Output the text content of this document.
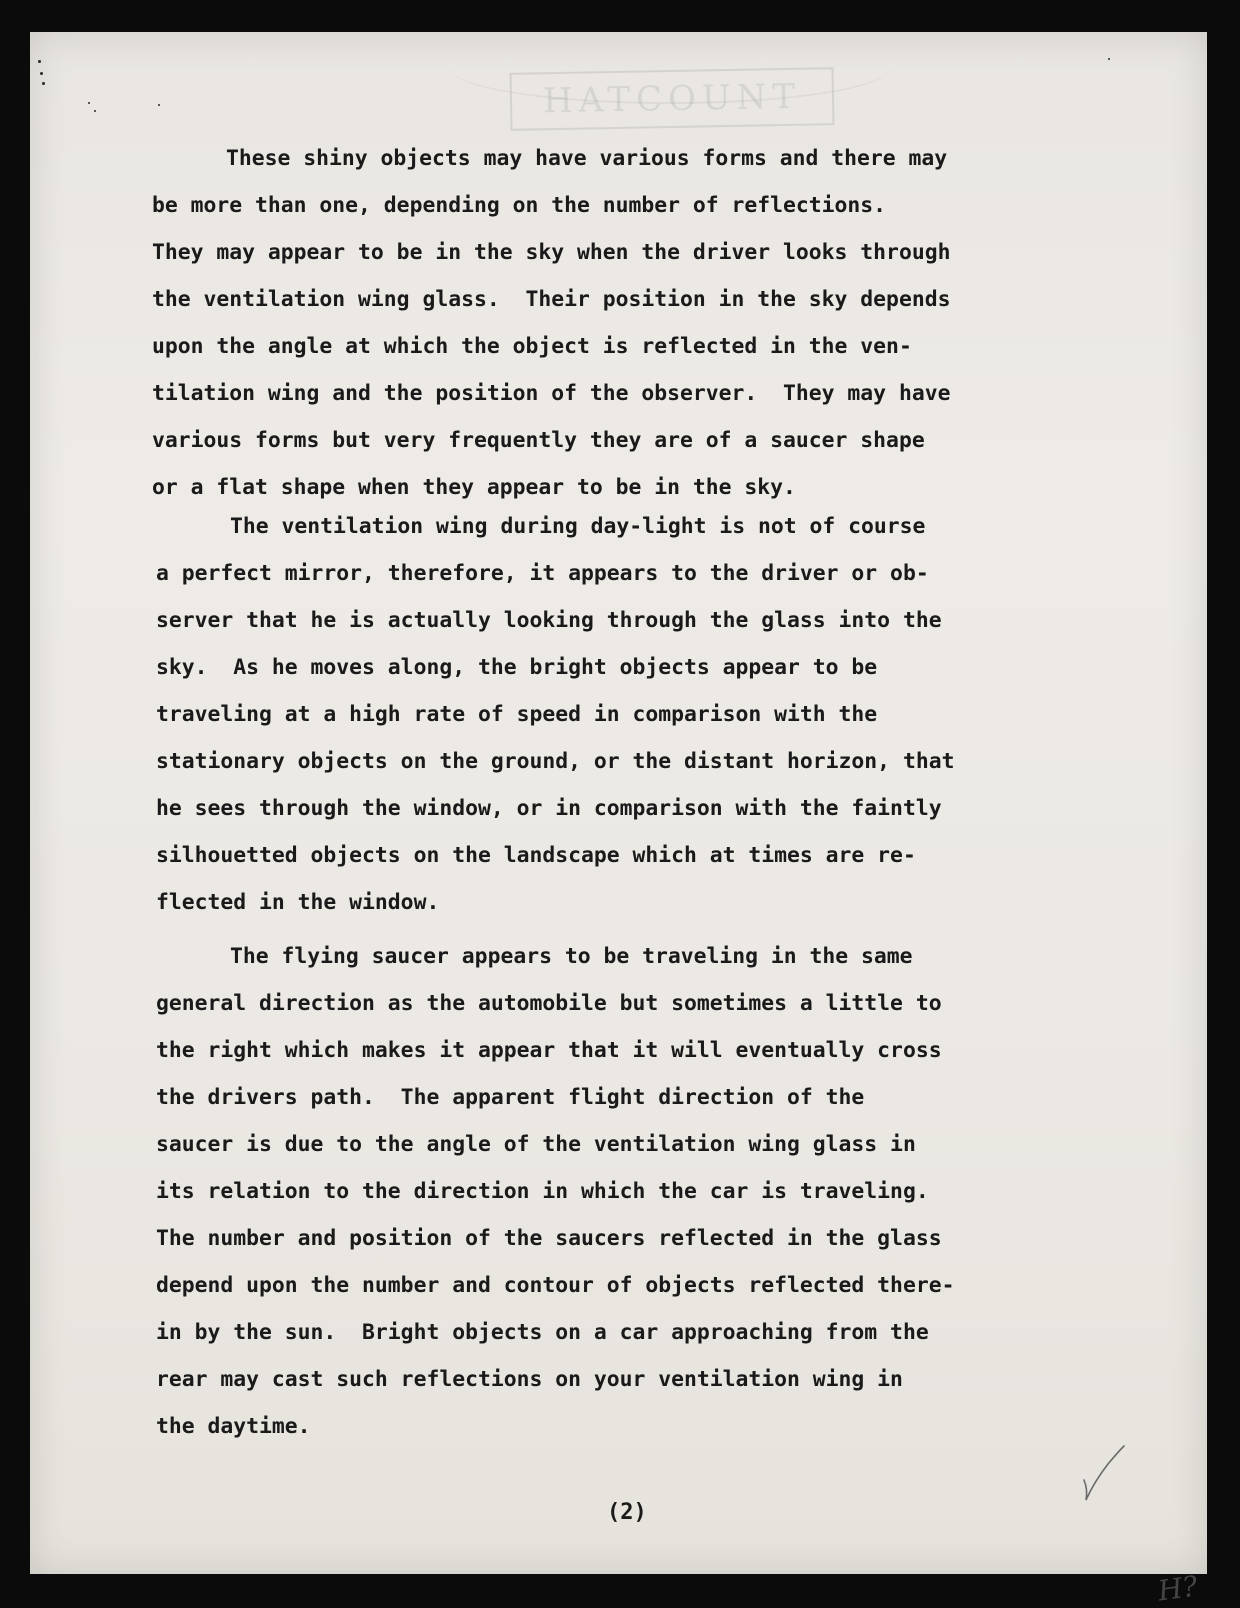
HATCOUNT
These shiny objects may have various forms and there may
be more than one, depending on the number of reflections.
They may appear to be in the sky when the driver looks through
the ventilation wing glass.  Their position in the sky depends
upon the angle at which the object is reflected in the ven-
tilation wing and the position of the observer.  They may have
various forms but very frequently they are of a saucer shape
or a flat shape when they appear to be in the sky.
The ventilation wing during day-light is not of course
a perfect mirror, therefore, it appears to the driver or ob-
server that he is actually looking through the glass into the
sky.  As he moves along, the bright objects appear to be
traveling at a high rate of speed in comparison with the
stationary objects on the ground, or the distant horizon, that
he sees through the window, or in comparison with the faintly
silhouetted objects on the landscape which at times are re-
flected in the window.
The flying saucer appears to be traveling in the same
general direction as the automobile but sometimes a little to
the right which makes it appear that it will eventually cross
the drivers path.  The apparent flight direction of the
saucer is due to the angle of the ventilation wing glass in
its relation to the direction in which the car is traveling.
The number and position of the saucers reflected in the glass
depend upon the number and contour of objects reflected there-
in by the sun.  Bright objects on a car approaching from the
rear may cast such reflections on your ventilation wing in
the daytime.
(2)
H?
